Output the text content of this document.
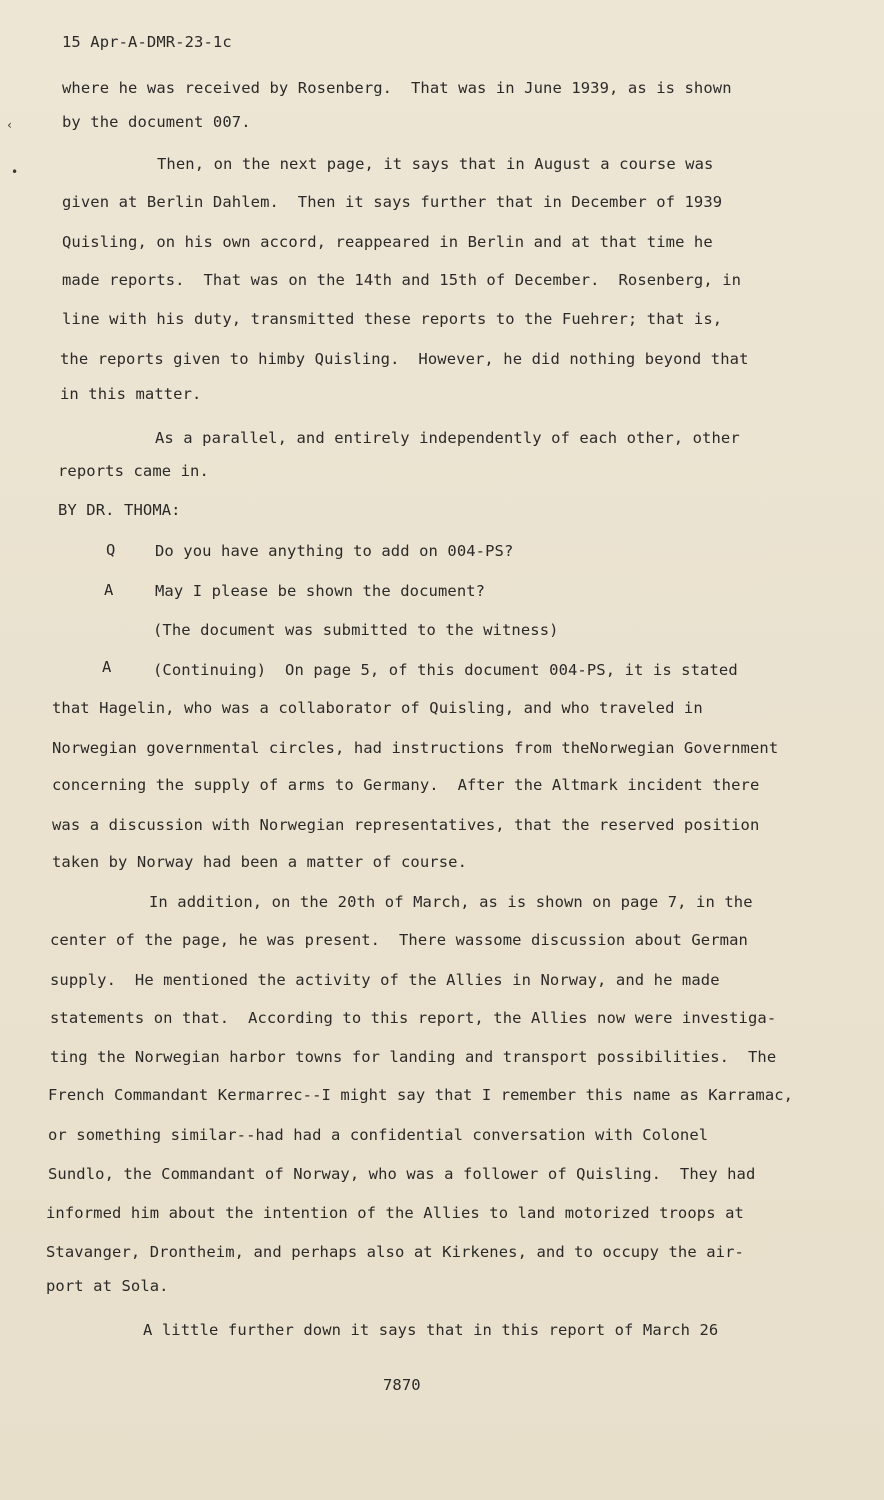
15 Apr-A-DMR-23-1c
‹
•
where he was received by Rosenberg.  That was in June 1939, as is shown
by the document 007.
Then, on the next page, it says that in August a course was
given at Berlin Dahlem.  Then it says further that in December of 1939
Quisling, on his own accord, reappeared in Berlin and at that time he
made reports.  That was on the 14th and 15th of December.  Rosenberg, in
line with his duty, transmitted these reports to the Fuehrer; that is,
the reports given to himby Quisling.  However, he did nothing beyond that
in this matter.
As a parallel, and entirely independently of each other, other
reports came in.
BY DR. THOMA:
Q	Do you have anything to add on 004-PS?
A	May I please be shown the document?
(The document was submitted to the witness)
A	(Continuing)  On page 5, of this document 004-PS, it is stated
that Hagelin, who was a collaborator of Quisling, and who traveled in
Norwegian governmental circles, had instructions from theNorwegian Government
concerning the supply of arms to Germany.  After the Altmark incident there
was a discussion with Norwegian representatives, that the reserved position
taken by Norway had been a matter of course.
In addition, on the 20th of March, as is shown on page 7, in the
center of the page, he was present.  There wassome discussion about German
supply.  He mentioned the activity of the Allies in Norway, and he made
statements on that.  According to this report, the Allies now were investiga-
ting the Norwegian harbor towns for landing and transport possibilities.  The
French Commandant Kermarrec--I might say that I remember this name as Karramac,
or something similar--had had a confidential conversation with Colonel
Sundlo, the Commandant of Norway, who was a follower of Quisling.  They had
informed him about the intention of the Allies to land motorized troops at
Stavanger, Drontheim, and perhaps also at Kirkenes, and to occupy the air-
port at Sola.
A little further down it says that in this report of March 26
7870
